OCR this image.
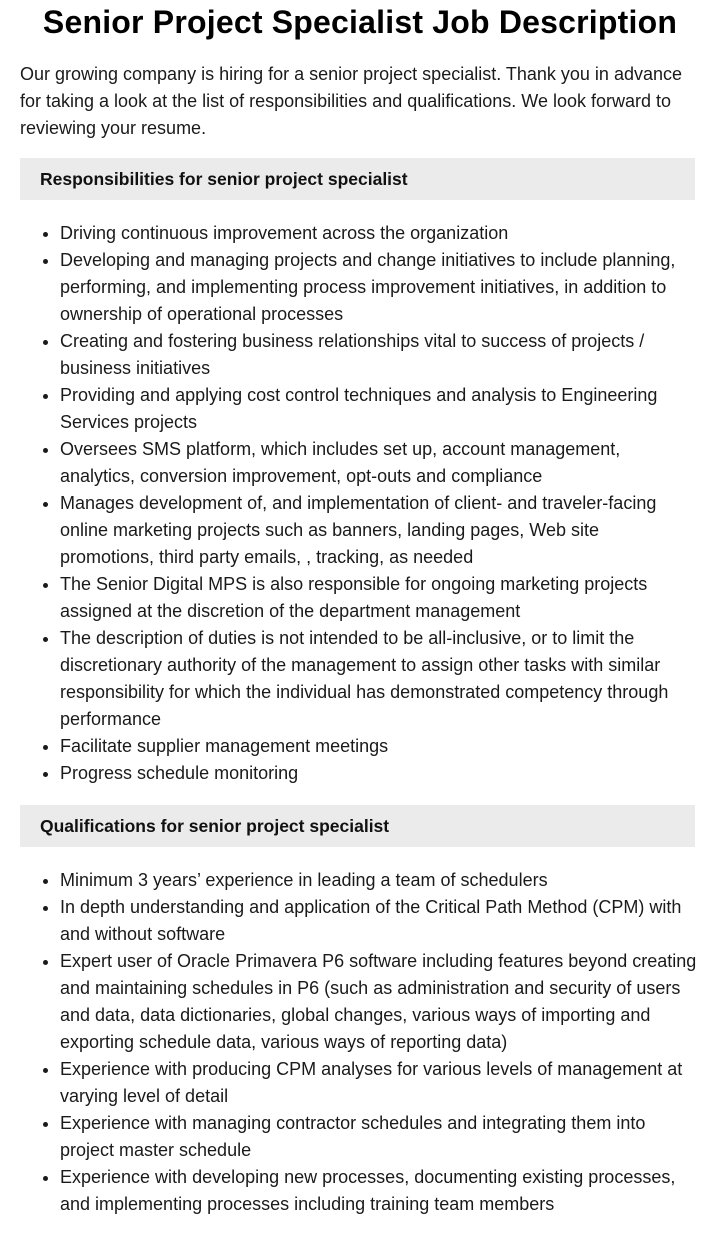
Senior Project Specialist Job Description

Our growing company is hiring for a senior project specialist. Thank you in advance for taking a look at the list of responsibilities and qualifications. We look forward to reviewing your resume.

Responsibilities for senior project specialist
• Driving continuous improvement across the organization
• Developing and managing projects and change initiatives to include planning, performing, and implementing process improvement initiatives, in addition to ownership of operational processes
• Creating and fostering business relationships vital to success of projects / business initiatives
• Providing and applying cost control techniques and analysis to Engineering Services projects
• Oversees SMS platform, which includes set up, account management, analytics, conversion improvement, opt-outs and compliance
• Manages development of, and implementation of client- and traveler-facing online marketing projects such as banners, landing pages, Web site promotions, third party emails, , tracking, as needed
• The Senior Digital MPS is also responsible for ongoing marketing projects assigned at the discretion of the department management
• The description of duties is not intended to be all-inclusive, or to limit the discretionary authority of the management to assign other tasks with similar responsibility for which the individual has demonstrated competency through performance
• Facilitate supplier management meetings
• Progress schedule monitoring
Qualifications for senior project specialist
• Minimum 3 years’ experience in leading a team of schedulers
• In depth understanding and application of the Critical Path Method (CPM) with and without software
• Expert user of Oracle Primavera P6 software including features beyond creating and maintaining schedules in P6 (such as administration and security of users and data, data dictionaries, global changes, various ways of importing and exporting schedule data, various ways of reporting data)
• Experience with producing CPM analyses for various levels of management at varying level of detail
• Experience with managing contractor schedules and integrating them into project master schedule
• Experience with developing new processes, documenting existing processes, and implementing processes including training team members
